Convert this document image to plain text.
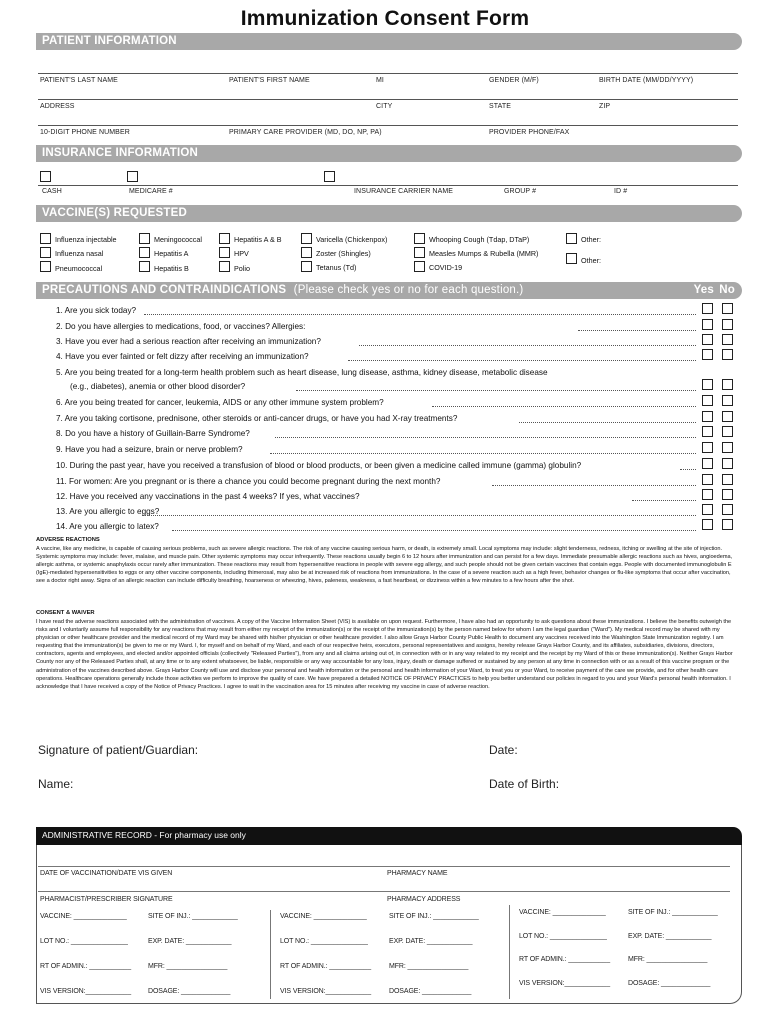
Immunization Consent Form
PATIENT INFORMATION
PATIENT'S LAST NAME	PATIENT'S FIRST NAME	MI	GENDER (M/F)	BIRTH DATE (MM/DD/YYYY)
ADDRESS	CITY	STATE	ZIP
10-DIGIT PHONE NUMBER	PRIMARY CARE PROVIDER (MD, DO, NP, PA)	PROVIDER PHONE/FAX
INSURANCE INFORMATION
CASH	MEDICARE #	INSURANCE CARRIER NAME	GROUP #	ID #
VACCINE(S) REQUESTED
Influenza injectable
Influenza nasal
Pneumococcal
Meningococcal
Hepatitis A
Hepatitis B
Hepatitis A & B
HPV
Polio
Varicella (Chickenpox)
Zoster (Shingles)
Tetanus (Td)
Whooping Cough (Tdap, DTaP)
Measles Mumps & Rubella (MMR)
COVID-19
Other:
Other:
PRECAUTIONS AND CONTRAINDICATIONS (Please check yes or no for each question.)	Yes No
1. Are you sick today?
2. Do you have allergies to medications, food, or vaccines? Allergies:
3. Have you ever had a serious reaction after receiving an immunization?
4. Have you ever fainted or felt dizzy after receiving an immunization?
5. Are you being treated for a long-term health problem such as heart disease, lung disease, asthma, kidney disease, metabolic disease
(e.g., diabetes), anemia or other blood disorder?
6. Are you being treated for cancer, leukemia, AIDS or any other immune system problem?
7. Are you taking cortisone, prednisone, other steroids or anti-cancer drugs, or have you had X-ray treatments?
8. Do you have a history of Guillain-Barre Syndrome?
9. Have you had a seizure, brain or nerve problem?
10. During the past year, have you received a transfusion of blood or blood products, or been given a medicine called immune (gamma) globulin?
11. For women: Are you pregnant or is there a chance you could become pregnant during the next month?
12. Have you received any vaccinations in the past 4 weeks? If yes, what vaccines?
13. Are you allergic to eggs?
14. Are you allergic to latex?
ADVERSE REACTIONS
A vaccine, like any medicine, is capable of causing serious problems, such as severe allergic reactions. The risk of any vaccine causing serious harm, or death, is extremely small. Local symptoms may include: slight tenderness, redness, itching or swelling at the site of injection. Systemic symptoms may include: fever, malaise, and muscle pain. Other systemic symptoms may occur infrequently. These reactions usually begin 6 to 12 hours after immunization and can persist for a few days. Immediate presumable allergic reactions such as hives, angioedema, allergic asthma, or systemic anaphylaxis occur rarely after immunization. These reactions may result from hypersensitive reactions in people with severe egg allergy, and such people should not be given certain vaccines that contain eggs. People with documented immunoglobulin E (IgE)-mediated hypersensitivities to eggs or any other vaccine components, including thimerosal, may also be at increased risk of reactions from immunizations. In the case of a severe reaction such as a high fever, behavior changes or flu-like symptoms that occur after vaccination, see a doctor right away. Signs of an allergic reaction can include difficulty breathing, hoarseness or wheezing, hives, paleness, weakness, a fast heartbeat, or dizziness within a few minutes to a few hours after the shot.
CONSENT & WAIVER
I have read the adverse reactions associated with the administration of vaccines. A copy of the Vaccine Information Sheet (VIS) is available on upon request. Furthermore, I have also had an opportunity to ask questions about these immunizations. I believe the benefits outweigh the risks and I voluntarily assume full responsibility for any reactions that may result from either my receipt of the immunization(s) or the receipt of the immunization(s) by the person named below for whom I am the legal guardian ("Ward"). My medical record may be shared with my physician or other healthcare provider and the medical record of my Ward may be shared with his/her physician or other healthcare provider. I also allow Grays Harbor County Public Health to document any vaccines received into the Washington State Immunization registry. I am requesting that the immunization(s) be given to me or my Ward. I, for myself and on behalf of my Ward, and each of our respective heirs, executors, personal representatives and assigns, hereby release Grays Harbor County, and its affiliates, subsidiaries, divisions, directors, contractors, agents and employees, and elected and/or appointed officials (collectively "Released Parties"), from any and all claims arising out of, in connection with or in any way related to my receipt and the receipt by my Ward of this or these immunization(s). Neither Grays Harbor County nor any of the Released Parties shall, at any time or to any extent whatsoever, be liable, responsible or any way accountable for any loss, injury, death or damage suffered or sustained by any person at any time in connection with or as a result of this vaccine program or the administration of the vaccines described above. Grays Harbor County will use and disclose your personal and health information or the personal and health information of your Ward, to treat you or your Ward, to receive payment of the care we provide, and for other health care operations. Healthcare operations generally include those activities we perform to improve the quality of care. We have prepared a detailed NOTICE OF PRIVACY PRACTICES to help you better understand our policies in regard to you and your Ward's personal health information. I acknowledge that I have received a copy of the Notice of Privacy Practices. I agree to wait in the vaccination area for 15 minutes after receiving my vaccine in case of adverse reaction.
Signature of patient/Guardian:	Date:
Name:	Date of Birth:
ADMINISTRATIVE RECORD - For pharmacy use only
DATE OF VACCINATION/DATE VIS GIVEN	PHARMACY NAME
PHARMACIST/PRESCRIBER SIGNATURE	PHARMACY ADDRESS
VACCINE: ______________	SITE OF INJ.: ____________
LOT NO.: _______________	EXP. DATE: ____________
RT OF ADMIN.: ___________ MFR: ________________
VIS VERSION:____________ DOSAGE: _____________
VACCINE: ______________	SITE OF INJ.: ____________
LOT NO.: _______________	EXP. DATE: ____________
RT OF ADMIN.: ___________	MFR: ________________
VIS VERSION:____________	DOSAGE: _____________
VACCINE: ______________	SITE OF INJ.: ____________
LOT NO.: _______________	EXP. DATE: ____________
RT OF ADMIN.: ___________	MFR: ________________
VIS VERSION:____________	DOSAGE: _____________
